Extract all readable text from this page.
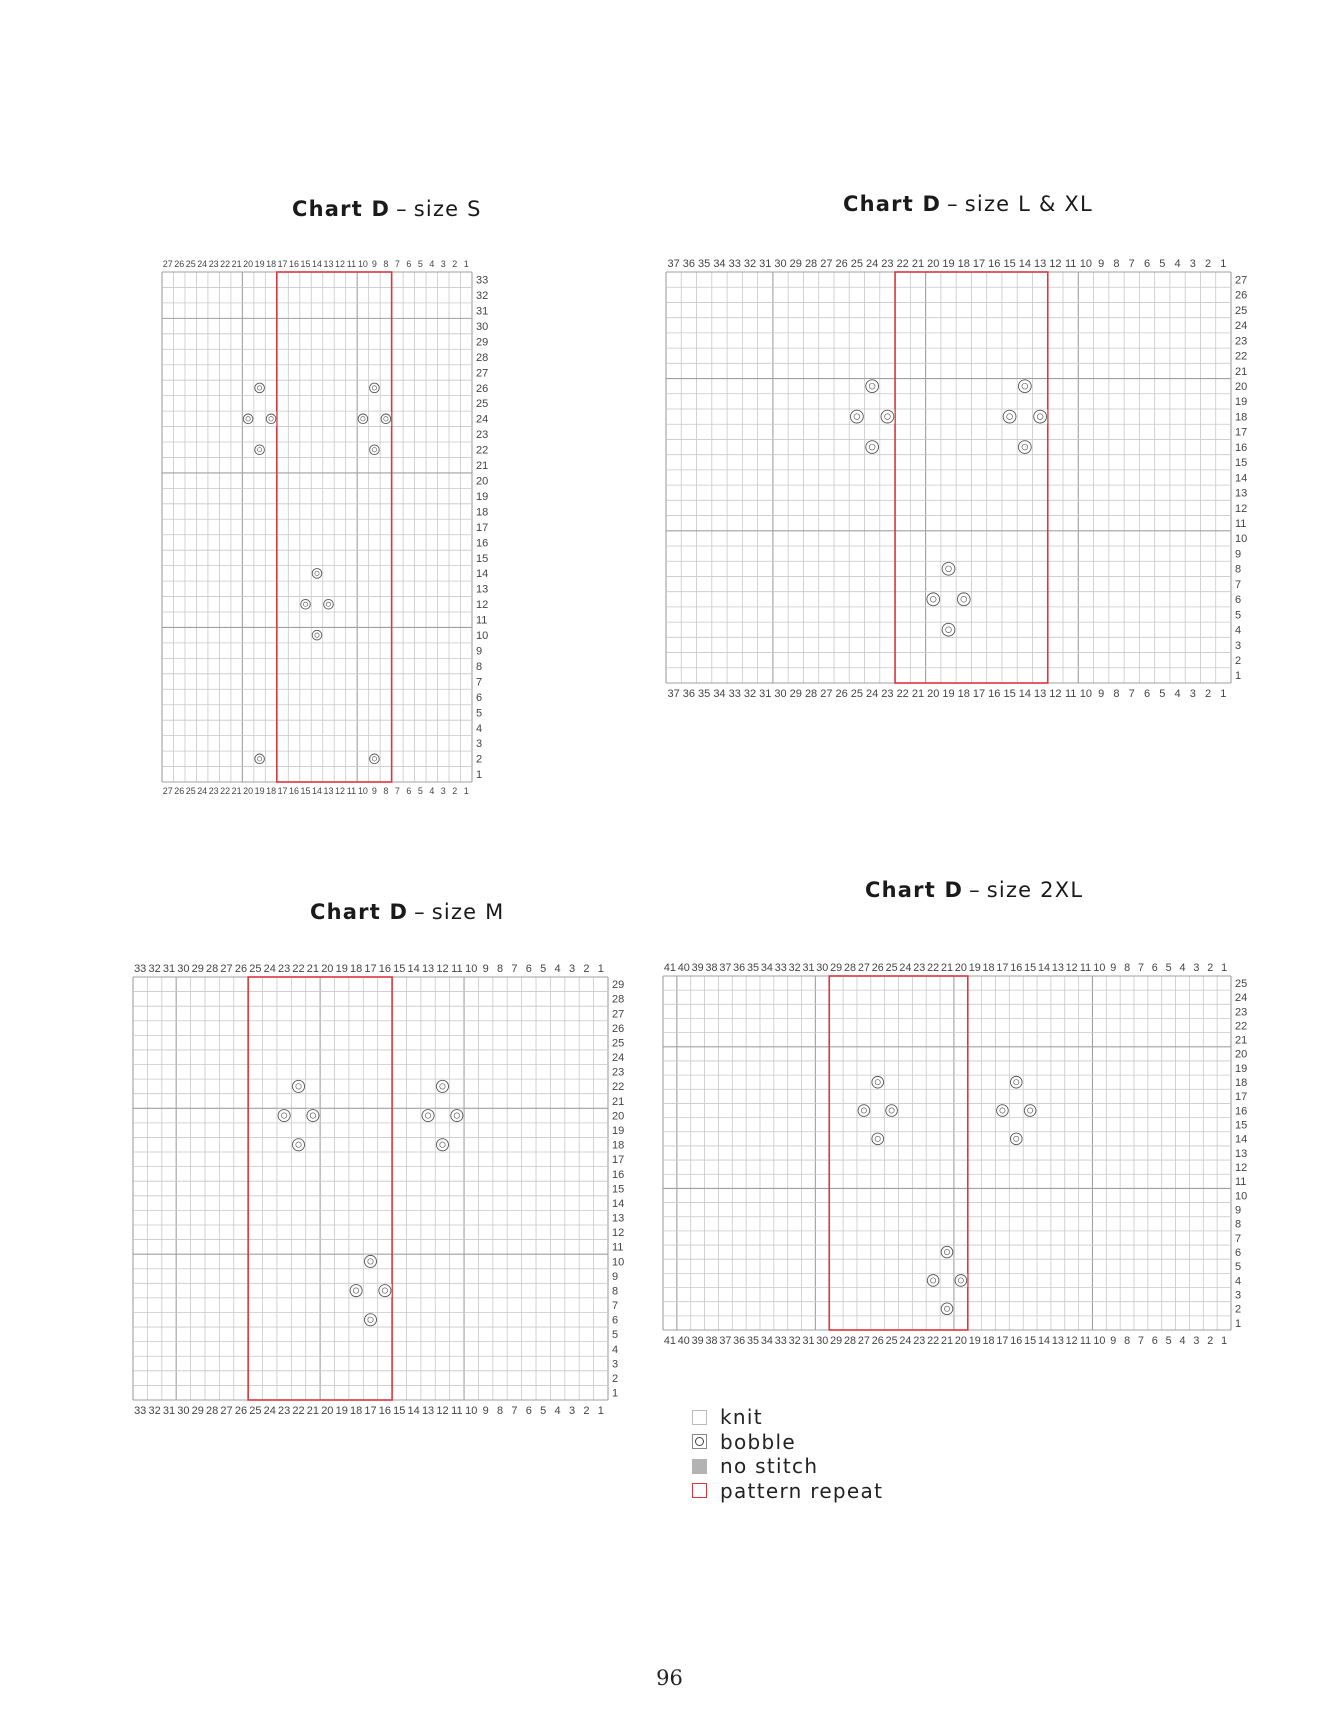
Chart D – size S	Chart D – size L & XL
Chart D – size M
Chart D – size 2XL
1
1
2
2
3
3
4
4
5
5
6
6
7
7
8
8
9
9
10
10
11
11
12
12
13
13
14
14
15
15
16
16
17
17
18
18
19
19
20
20
21
21
22
22
23
23
24
24
25
25
26
26
27
27
1
2
3
4
5
6
7
8
9
10
11
12
13
14
15
16
17
18
19
20
21
22
23
24
25
26
27
28
29
30
31
32
33
1
1
2
2
3
3
4
4
5
5
6
6
7
7
8
8
9
9
10
10
11
11
12
12
13
13
14
14
15
15
16
16
17
17
18
18
19
19
20
20
21
21
22
22
23
23
24
24
25
25
26
26
27
27
28
28
29
29
30
30
31
31
32
32
33
33
34
34
35
35
36
36
37
37
1
2
3
4
5
6
7
8
9
10
11
12
13
14
15
16
17
18
19
20
21
22
23
24
25
26
27
1
1
2
2
3
3
4
4
5
5
6
6
7
7
8
8
9
9
10
10
11
11
12
12
13
13
14
14
15
15
16
16
17
17
18
18
19
19
20
20
21
21
22
22
23
23
24
24
25
25
26
26
27
27
28
28
29
29
30
30
31
31
32
32
33
33
1
2
3
4
5
6
7
8
9
10
11
12
13
14
15
16
17
18
19
20
21
22
23
24
25
26
27
28
29
1
1
2
2
3
3
4
4
5
5
6
6
7
7
8
8
9
9
10
10
11
11
12
12
13
13
14
14
15
15
16
16
17
17
18
18
19
19
20
20
21
21
22
22
23
23
24
24
25
25
26
26
27
27
28
28
29
29
30
30
31
31
32
32
33
33
34
34
35
35
36
36
37
37
38
38
39
39
40
40
41
41
1
2
3
4
5
6
7
8
9
10
11
12
13
14
15
16
17
18
19
20
21
22
23
24
25
knit
bobble
no stitch
pattern repeat
96
